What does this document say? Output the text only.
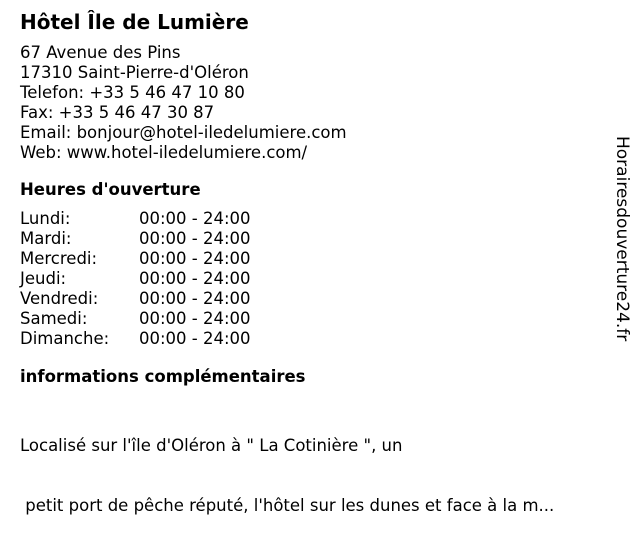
Hôtel Île de Lumière
67 Avenue des Pins
17310 Saint-Pierre-d'Oléron
Telefon: +33 5 46 47 10 80
Fax: +33 5 46 47 30 87
Email: bonjour@hotel-iledelumiere.com
Web: www.hotel-iledelumiere.com/
Heures d'ouverture
Lundi:	00:00 - 24:00
Mardi:	00:00 - 24:00
Mercredi:	00:00 - 24:00
Jeudi:	00:00 - 24:00
Vendredi:	00:00 - 24:00
Samedi:	00:00 - 24:00
Dimanche:	00:00 - 24:00
informations complémentaires

Localisé sur l'île d'Oléron à " La Cotinière ", un

petit port de pêche réputé, l'hôtel sur les dunes et face à la m...

Horairesdouverture24.fr
